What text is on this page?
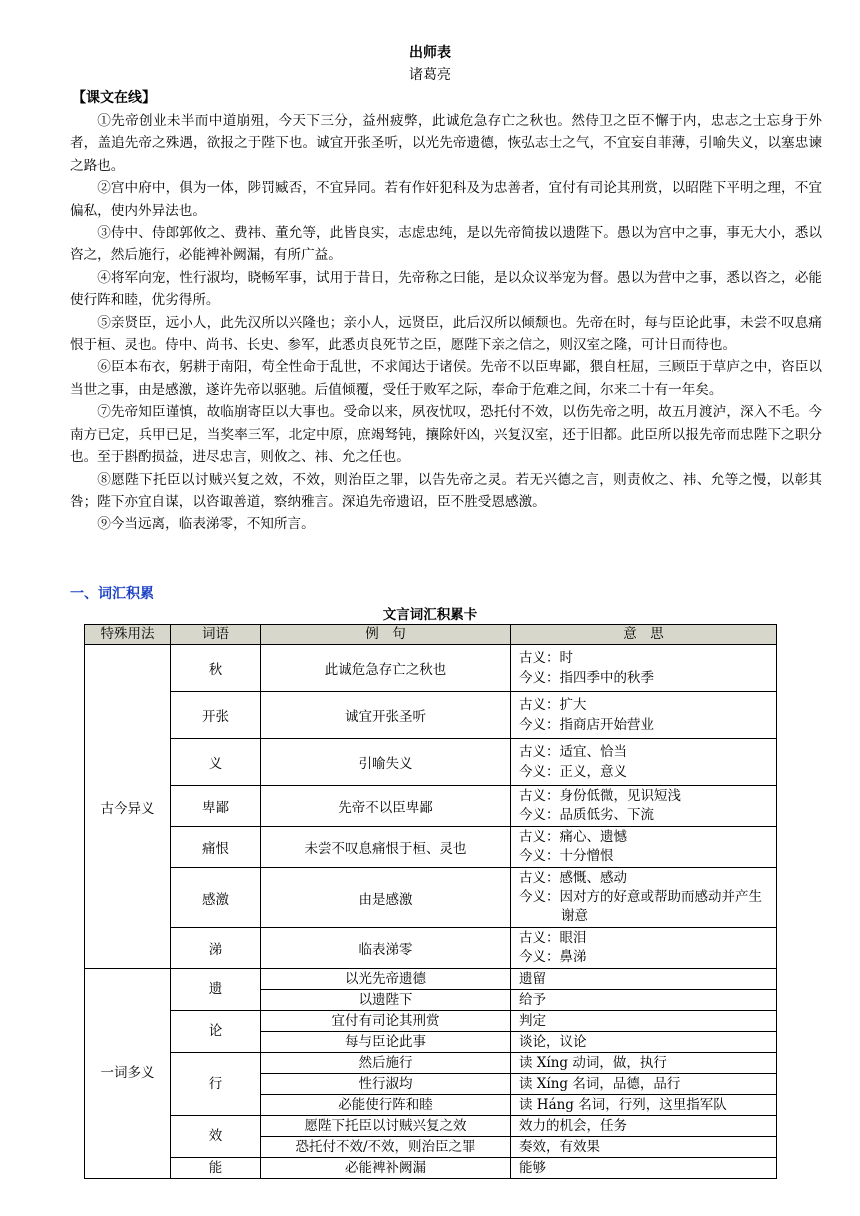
出师表
诸葛亮
【课文在线】

①先帝创业未半而中道崩殂，今天下三分，益州疲弊，此诚危急存亡之秋也。然侍卫之臣不懈于内，忠志之士忘身于外者，盖追先帝之殊遇，欲报之于陛下也。诚宜开张圣听，以光先帝遗德，恢弘志士之气，不宜妄自菲薄，引喻失义，以塞忠谏之路也。

②宫中府中，俱为一体，陟罚臧否，不宜异同。若有作奸犯科及为忠善者，宜付有司论其刑赏，以昭陛下平明之理，不宜偏私，使内外异法也。

③侍中、侍郎郭攸之、费祎、董允等，此皆良实，志虑忠纯，是以先帝简拔以遗陛下。愚以为宫中之事，事无大小，悉以咨之，然后施行，必能裨补阙漏，有所广益。

④将军向宠，性行淑均，晓畅军事，试用于昔日，先帝称之曰能，是以众议举宠为督。愚以为营中之事，悉以咨之，必能使行阵和睦，优劣得所。

⑤亲贤臣，远小人，此先汉所以兴隆也；亲小人，远贤臣，此后汉所以倾颓也。先帝在时，每与臣论此事，未尝不叹息痛恨于桓、灵也。侍中、尚书、长史、参军，此悉贞良死节之臣，愿陛下亲之信之，则汉室之隆，可计日而待也。

⑥臣本布衣，躬耕于南阳，苟全性命于乱世，不求闻达于诸侯。先帝不以臣卑鄙，猥自枉屈，三顾臣于草庐之中，咨臣以当世之事，由是感激，遂许先帝以驱驰。后值倾覆，受任于败军之际，奉命于危难之间，尔来二十有一年矣。

⑦先帝知臣谨慎，故临崩寄臣以大事也。受命以来，夙夜忧叹，恐托付不效，以伤先帝之明，故五月渡泸，深入不毛。今南方已定，兵甲已足，当奖率三军，北定中原，庶竭驽钝，攘除奸凶，兴复汉室，还于旧都。此臣所以报先帝而忠陛下之职分也。至于斟酌损益，进尽忠言，则攸之、祎、允之任也。

⑧愿陛下托臣以讨贼兴复之效，不效，则治臣之罪，以告先帝之灵。若无兴德之言，则责攸之、祎、允等之慢，以彰其咎；陛下亦宜自谋，以咨诹善道，察纳雅言。深追先帝遗诏，臣不胜受恩感激。

⑨今当远离，临表涕零，不知所言。

一、词汇积累
文言词汇积累卡
特殊用法	词语	例　句	意　思
古今异义	秋	此诚危急存亡之秋也	古义：时
今义：指四季中的秋季

	开张	诚宜开张圣听	古义：扩大
今义：指商店开始营业

	义	引喻失义	古义：适宜、恰当
今义：正义，意义

	卑鄙	先帝不以臣卑鄙	古义：身份低微，见识短浅
今义：品质低劣、下流

	痛恨	未尝不叹息痛恨于桓、灵也	古义：痛心、遗憾
今义：十分憎恨

	感激	由是感激	古义：感慨、感动
今义：因对方的好意或帮助而感动并产生谢意

	涕	临表涕零	古义：眼泪
今义：鼻涕

一词多义	遗	以光先帝遗德	遗留
		以遗陛下	给予
	论	宜付有司论其刑赏	判定
		每与臣论此事	谈论，议论
	行	然后施行	读 Xíng 动词，做，执行
		性行淑均	读 Xíng 名词，品德，品行
		必能使行阵和睦	读 Háng 名词，行列，这里指军队
	效	愿陛下托臣以讨贼兴复之效	效力的机会，任务
		恐托付不效/不效，则治臣之罪	奏效，有效果
	能	必能裨补阙漏	能够
